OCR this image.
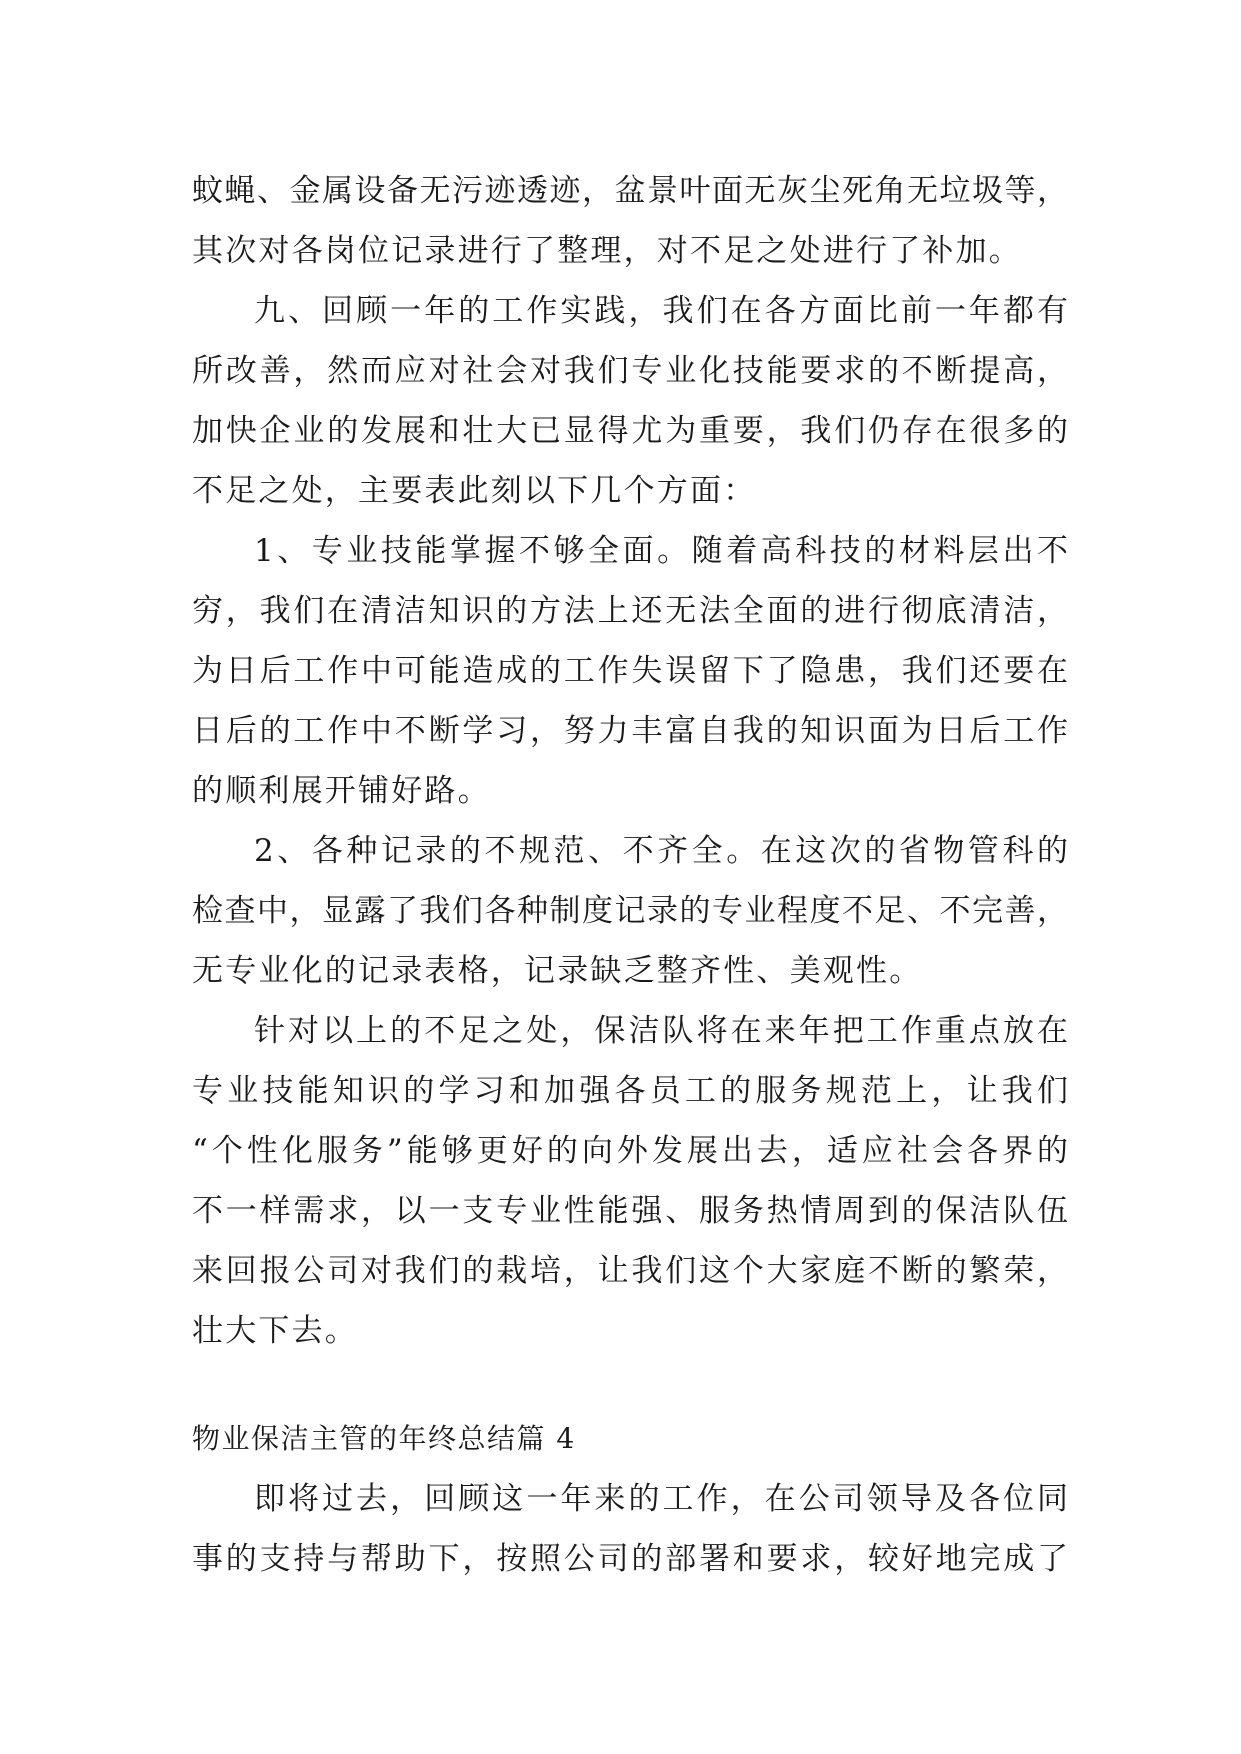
蚊蝇、金属设备无污迹透迹，盆景叶面无灰尘死角无垃圾等，
其次对各岗位记录进行了整理，对不足之处进行了补加。
九、回顾一年的工作实践，我们在各方面比前一年都有
所改善，然而应对社会对我们专业化技能要求的不断提高，
加快企业的发展和壮大已显得尤为重要，我们仍存在很多的
不足之处，主要表此刻以下几个方面：
1、专业技能掌握不够全面。随着高科技的材料层出不
穷，我们在清洁知识的方法上还无法全面的进行彻底清洁，
为日后工作中可能造成的工作失误留下了隐患，我们还要在
日后的工作中不断学习，努力丰富自我的知识面为日后工作
的顺利展开铺好路。
2、各种记录的不规范、不齐全。在这次的省物管科的
检查中，显露了我们各种制度记录的专业程度不足、不完善，
无专业化的记录表格，记录缺乏整齐性、美观性。
针对以上的不足之处，保洁队将在来年把工作重点放在
专业技能知识的学习和加强各员工的服务规范上，让我们
“个性化服务”能够更好的向外发展出去，适应社会各界的
不一样需求，以一支专业性能强、服务热情周到的保洁队伍
来回报公司对我们的栽培，让我们这个大家庭不断的繁荣，
壮大下去。
物业保洁主管的年终总结篇 4
即将过去，回顾这一年来的工作，在公司领导及各位同
事的支持与帮助下，按照公司的部署和要求，较好地完成了
